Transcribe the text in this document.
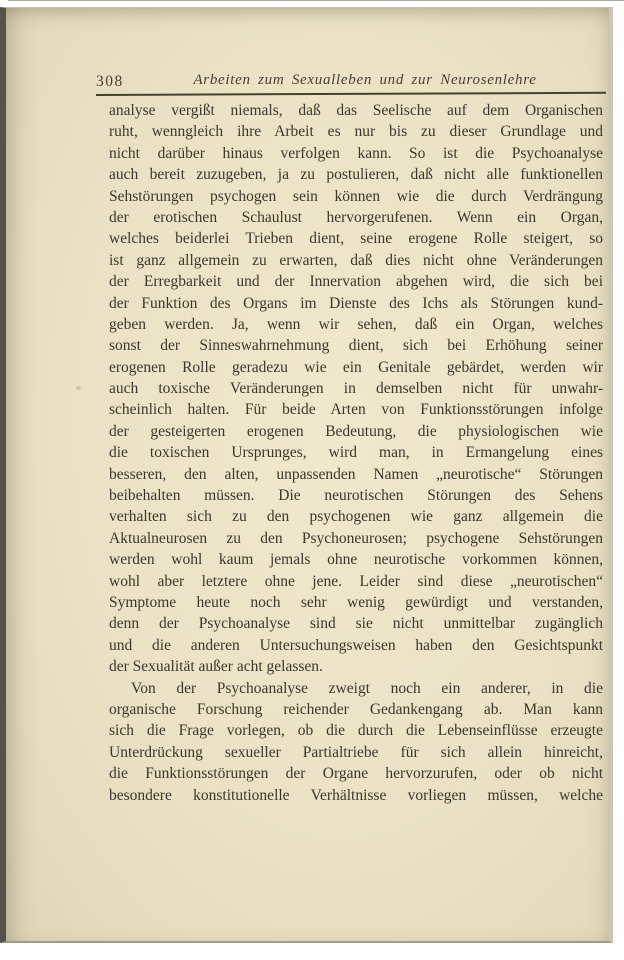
308	Arbeiten zum Sexualleben und zur Neurosenlehre
analyse vergißt niemals, daß das Seelische auf dem Organischen
ruht, wenngleich ihre Arbeit es nur bis zu dieser Grundlage und
nicht darüber hinaus verfolgen kann. So ist die Psychoanalyse
auch bereit zuzugeben, ja zu postulieren, daß nicht alle funktionellen
Sehstörungen psychogen sein können wie die durch Verdrängung
der erotischen Schaulust hervorgerufenen. Wenn ein Organ,
welches beiderlei Trieben dient, seine erogene Rolle steigert, so
ist ganz allgemein zu erwarten, daß dies nicht ohne Veränderungen
der Erregbarkeit und der Innervation abgehen wird, die sich bei
der Funktion des Organs im Dienste des Ichs als Störungen kund-
geben werden. Ja, wenn wir sehen, daß ein Organ, welches
sonst der Sinneswahrnehmung dient, sich bei Erhöhung seiner
erogenen Rolle geradezu wie ein Genitale gebärdet, werden wir
auch toxische Veränderungen in demselben nicht für unwahr-
scheinlich halten. Für beide Arten von Funktionsstörungen infolge
der gesteigerten erogenen Bedeutung, die physiologischen wie
die toxischen Ursprunges, wird man, in Ermangelung eines
besseren, den alten, unpassenden Namen „neurotische“ Störungen
beibehalten müssen. Die neurotischen Störungen des Sehens
verhalten sich zu den psychogenen wie ganz allgemein die
Aktualneurosen zu den Psychoneurosen; psychogene Sehstörungen
werden wohl kaum jemals ohne neurotische vorkommen können,
wohl aber letztere ohne jene. Leider sind diese „neurotischen“
Symptome heute noch sehr wenig gewürdigt und verstanden,
denn der Psychoanalyse sind sie nicht unmittelbar zugänglich
und die anderen Untersuchungsweisen haben den Gesichtspunkt
der Sexualität außer acht gelassen.
Von der Psychoanalyse zweigt noch ein anderer, in die
organische Forschung reichender Gedankengang ab. Man kann
sich die Frage vorlegen, ob die durch die Lebenseinflüsse erzeugte
Unterdrückung sexueller Partialtriebe für sich allein hinreicht,
die Funktionsstörungen der Organe hervorzurufen, oder ob nicht
besondere konstitutionelle Verhältnisse vorliegen müssen, welche
